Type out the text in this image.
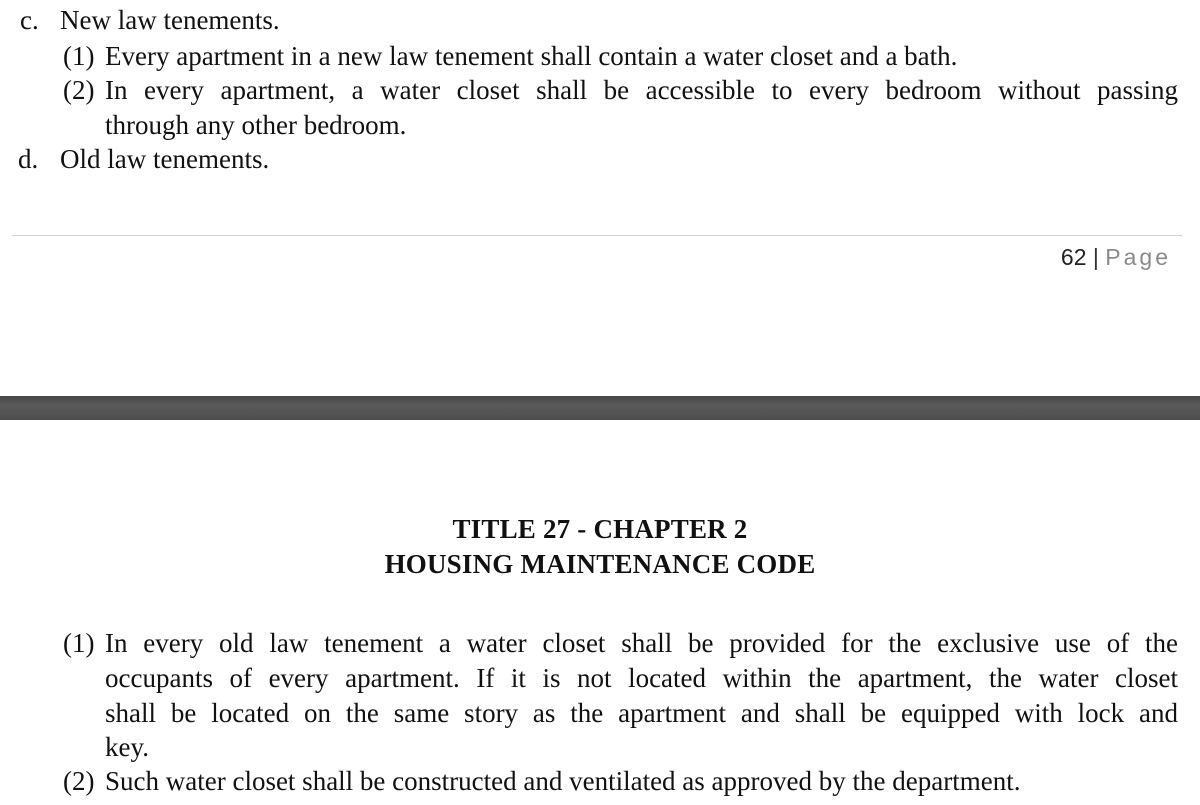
c. New law tenements.
(1) Every apartment in a new law tenement shall contain a water closet and a bath.
(2) In every apartment, a water closet shall be accessible to every bedroom without passing
through any other bedroom.
d. Old law tenements.
62 | Page
TITLE 27 - CHAPTER 2
HOUSING MAINTENANCE CODE
(1) In every old law tenement a water closet shall be provided for the exclusive use of the
occupants of every apartment. If it is not located within the apartment, the water closet
shall be located on the same story as the apartment and shall be equipped with lock and
key.
(2) Such water closet shall be constructed and ventilated as approved by the department.
